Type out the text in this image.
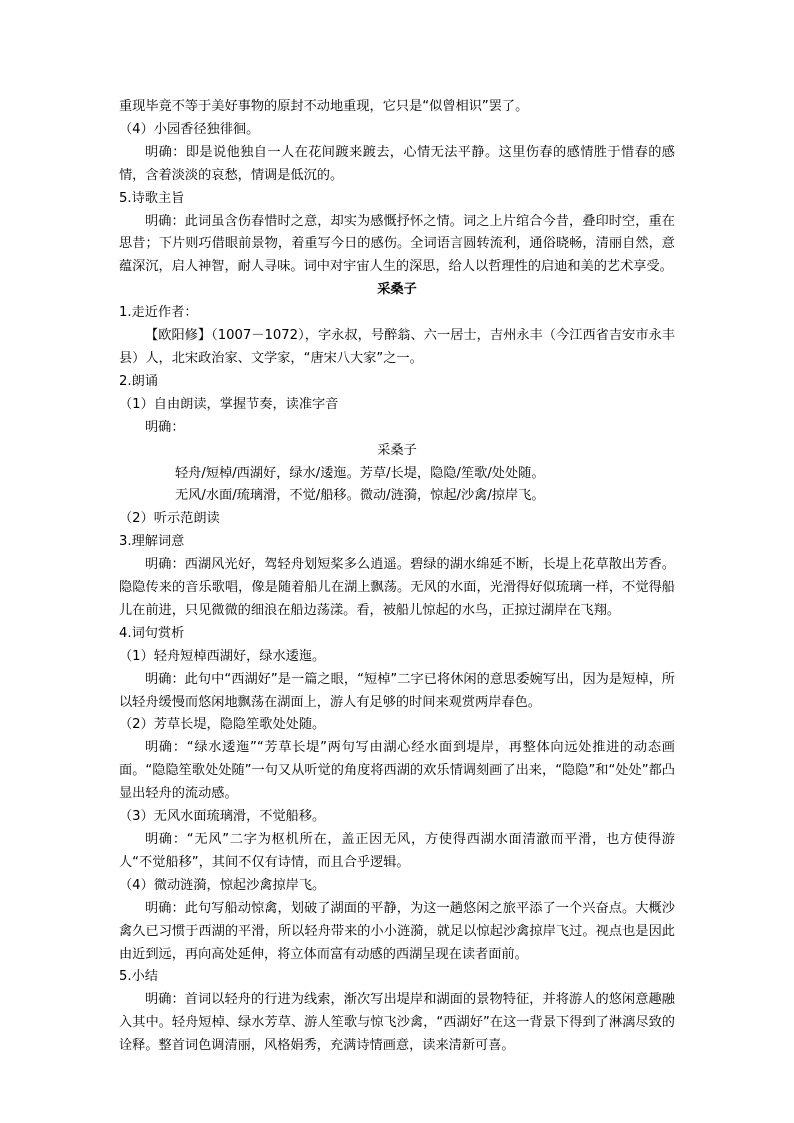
重现毕竟不等于美好事物的原封不动地重现，它只是“似曾相识”罢了。

（4）小园香径独徘徊。

明确：即是说他独自一人在花间踱来踱去，心情无法平静。这里伤春的感情胜于惜春的感情，含着淡淡的哀愁，情调是低沉的。

5.诗歌主旨

明确：此词虽含伤春惜时之意，却实为感慨抒怀之情。词之上片绾合今昔，叠印时空，重在思昔；下片则巧借眼前景物，着重写今日的感伤。全词语言圆转流利，通俗晓畅，清丽自然，意蕴深沉，启人神智，耐人寻味。词中对宇宙人生的深思，给人以哲理性的启迪和美的艺术享受。

采桑子

1.走近作者：

【欧阳修】（1007－1072），字永叔，号醉翁、六一居士，吉州永丰（今江西省吉安市永丰县）人，北宋政治家、文学家，“唐宋八大家”之一。

2.朗诵

（1）自由朗读，掌握节奏，读准字音

明确：

采桑子

轻舟/短棹/西湖好，绿水/逶迤。芳草/长堤，隐隐/笙歌/处处随。

无风/水面/琉璃滑，不觉/船移。微动/涟漪，惊起/沙禽/掠岸飞。

（2）听示范朗读

3.理解词意

明确：西湖风光好，驾轻舟划短桨多么逍遥。碧绿的湖水绵延不断，长堤上花草散出芳香。隐隐传来的音乐歌唱，像是随着船儿在湖上飘荡。无风的水面，光滑得好似琉璃一样，不觉得船儿在前进，只见微微的细浪在船边荡漾。看，被船儿惊起的水鸟，正掠过湖岸在飞翔。

4.词句赏析

（1）轻舟短棹西湖好，绿水逶迤。

明确：此句中“西湖好”是一篇之眼，“短棹”二字已将休闲的意思委婉写出，因为是短棹，所以轻舟缓慢而悠闲地飘荡在湖面上，游人有足够的时间来观赏两岸春色。

（2）芳草长堤，隐隐笙歌处处随。

明确：“绿水逶迤”“芳草长堤”两句写由湖心经水面到堤岸，再整体向远处推进的动态画面。“隐隐笙歌处处随”一句又从听觉的角度将西湖的欢乐情调刻画了出来，“隐隐”和“处处”都凸显出轻舟的流动感。

（3）无风水面琉璃滑，不觉船移。

明确：“无风”二字为枢机所在，盖正因无风，方使得西湖水面清澈而平滑，也方使得游人“不觉船移”，其间不仅有诗情，而且合乎逻辑。

（4）微动涟漪，惊起沙禽掠岸飞。

明确：此句写船动惊禽，划破了湖面的平静，为这一趟悠闲之旅平添了一个兴奋点。大概沙禽久已习惯于西湖的平滑，所以轻舟带来的小小涟漪，就足以惊起沙禽掠岸飞过。视点也是因此由近到远，再向高处延伸，将立体而富有动感的西湖呈现在读者面前。

5.小结

明确：首词以轻舟的行进为线索，渐次写出堤岸和湖面的景物特征，并将游人的悠闲意趣融入其中。轻舟短棹、绿水芳草、游人笙歌与惊飞沙禽，“西湖好”在这一背景下得到了淋漓尽致的诠释。整首词色调清丽，风格娟秀，充满诗情画意，读来清新可喜。
